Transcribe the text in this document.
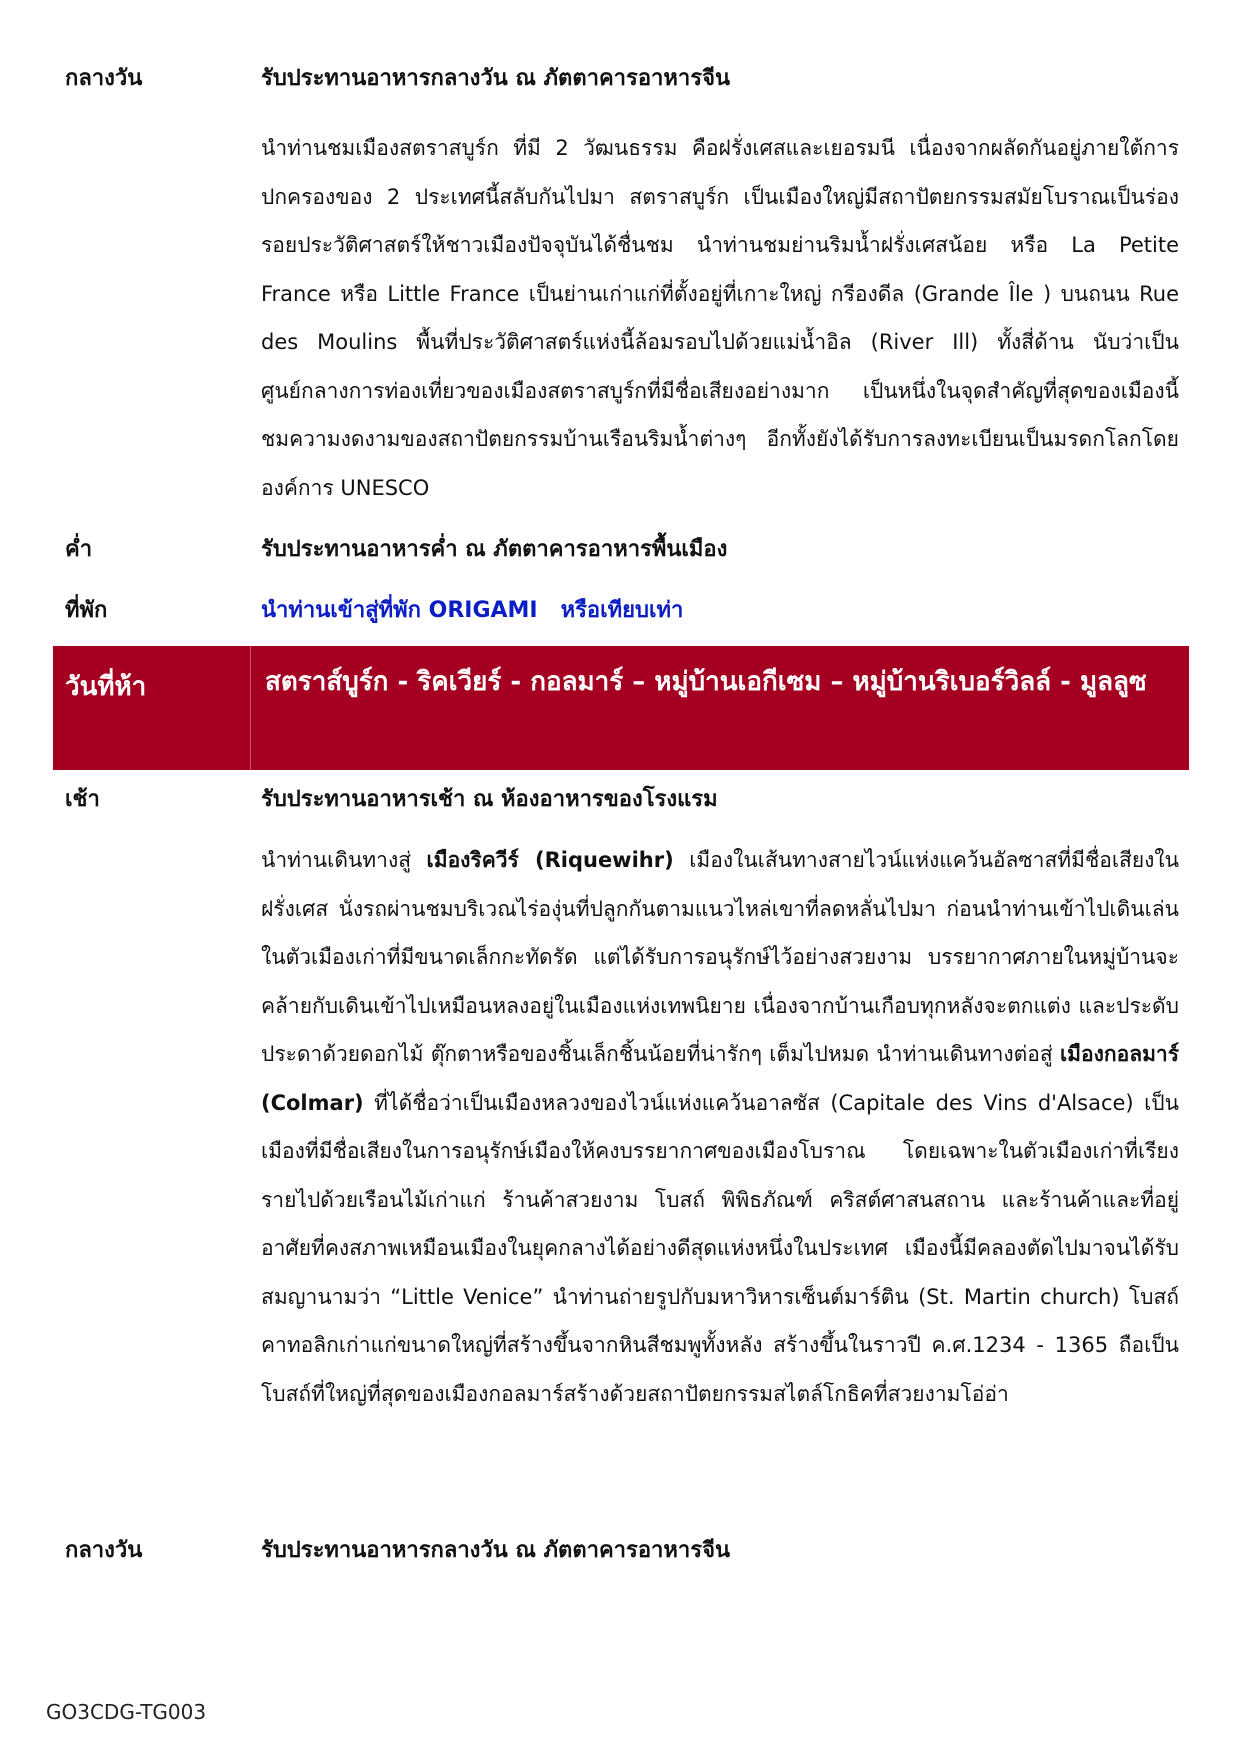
กลางวัน	รับประทานอาหารกลางวัน ณ ภัตตาคารอาหารจีน
นำท่านชมเมืองสตราสบูร์ก ที่มี 2 วัฒนธรรม คือฝรั่งเศสและเยอรมนี เนื่องจากผลัดกันอยู่ภายใต้การปกครองของ 2 ประเทศนี้สลับกันไปมา สตราสบูร์ก เป็นเมืองใหญ่มีสถาปัตยกรรมสมัยโบราณเป็นร่องรอยประวัติศาสตร์ให้ชาวเมืองปัจจุบันได้ชื่นชม นำท่านชมย่านริมน้ำฝรั่งเศสน้อย หรือ La Petite France หรือ Little France เป็นย่านเก่าแก่ที่ตั้งอยู่ที่เกาะใหญ่ กรีองดีล (Grande Île ) บนถนน Rue des Moulins พื้นที่ประวัติศาสตร์แห่งนี้ล้อมรอบไปด้วยแม่น้ำอิล (River Ill) ทั้งสี่ด้าน นับว่าเป็นศูนย์กลางการท่องเที่ยวของเมืองสตราสบูร์กที่มีชื่อเสียงอย่างมาก เป็นหนึ่งในจุดสำคัญที่สุดของเมืองนี้ ชมความงดงามของสถาปัตยกรรมบ้านเรือนริมน้ำต่างๆ อีกทั้งยังได้รับการลงทะเบียนเป็นมรดกโลกโดยองค์การ UNESCO
ค่ำ	รับประทานอาหารค่ำ ณ ภัตตาคารอาหารพื้นเมือง
ที่พัก	นำท่านเข้าสู่ที่พัก ORIGAMI   หรือเทียบเท่า
วันที่ห้า	สตราส์บูร์ก - ริคเวียร์ - กอลมาร์ – หมู่บ้านเอกีเซม – หมู่บ้านริเบอร์วิลล์ - มูลลูซ
เช้า	รับประทานอาหารเช้า ณ ห้องอาหารของโรงแรม
นำท่านเดินทางสู่ เมืองริควีร์ (Riquewihr) เมืองในเส้นทางสายไวน์แห่งแคว้นอัลซาสที่มีชื่อเสียงในฝรั่งเศส นั่งรถผ่านชมบริเวณไร่องุ่นที่ปลูกกันตามแนวไหล่เขาที่ลดหลั่นไปมา ก่อนนำท่านเข้าไปเดินเล่นในตัวเมืองเก่าที่มีขนาดเล็กกะทัดรัด แต่ได้รับการอนุรักษ์ไว้อย่างสวยงาม บรรยากาศภายในหมู่บ้านจะคล้ายกับเดินเข้าไปเหมือนหลงอยู่ในเมืองแห่งเทพนิยาย เนื่องจากบ้านเกือบทุกหลังจะตกแต่ง และประดับประดาด้วยดอกไม้ ตุ๊กตาหรือของชิ้นเล็กชิ้นน้อยที่น่ารักๆ เต็มไปหมด นำท่านเดินทางต่อสู่ เมืองกอลมาร์ (Colmar) ที่ได้ชื่อว่าเป็นเมืองหลวงของไวน์แห่งแคว้นอาลซัส (Capitale des Vins d'Alsace) เป็นเมืองที่มีชื่อเสียงในการอนุรักษ์เมืองให้คงบรรยากาศของเมืองโบราณ โดยเฉพาะในตัวเมืองเก่าที่เรียงรายไปด้วยเรือนไม้เก่าแก่ ร้านค้าสวยงาม โบสถ์ พิพิธภัณฑ์ คริสต์ศาสนสถาน และร้านค้าและที่อยู่ อาศัยที่คงสภาพเหมือนเมืองในยุคกลางได้อย่างดีสุดแห่งหนึ่งในประเทศ เมืองนี้มีคลองตัดไปมาจนได้รับสมญานามว่า “Little Venice” นำท่านถ่ายรูปกับมหาวิหารเซ็นต์มาร์ติน (St. Martin church) โบสถ์คาทอลิกเก่าแก่ขนาดใหญ่ที่สร้างขึ้นจากหินสีชมพูทั้งหลัง สร้างขึ้นในราวปี ค.ศ.1234 - 1365 ถือเป็นโบสถ์ที่ใหญ่ที่สุดของเมืองกอลมาร์สร้างด้วยสถาปัตยกรรมสไตล์โกธิคที่สวยงามโอ่อ่า
กลางวัน	รับประทานอาหารกลางวัน ณ ภัตตาคารอาหารจีน
GO3CDG-TG003
